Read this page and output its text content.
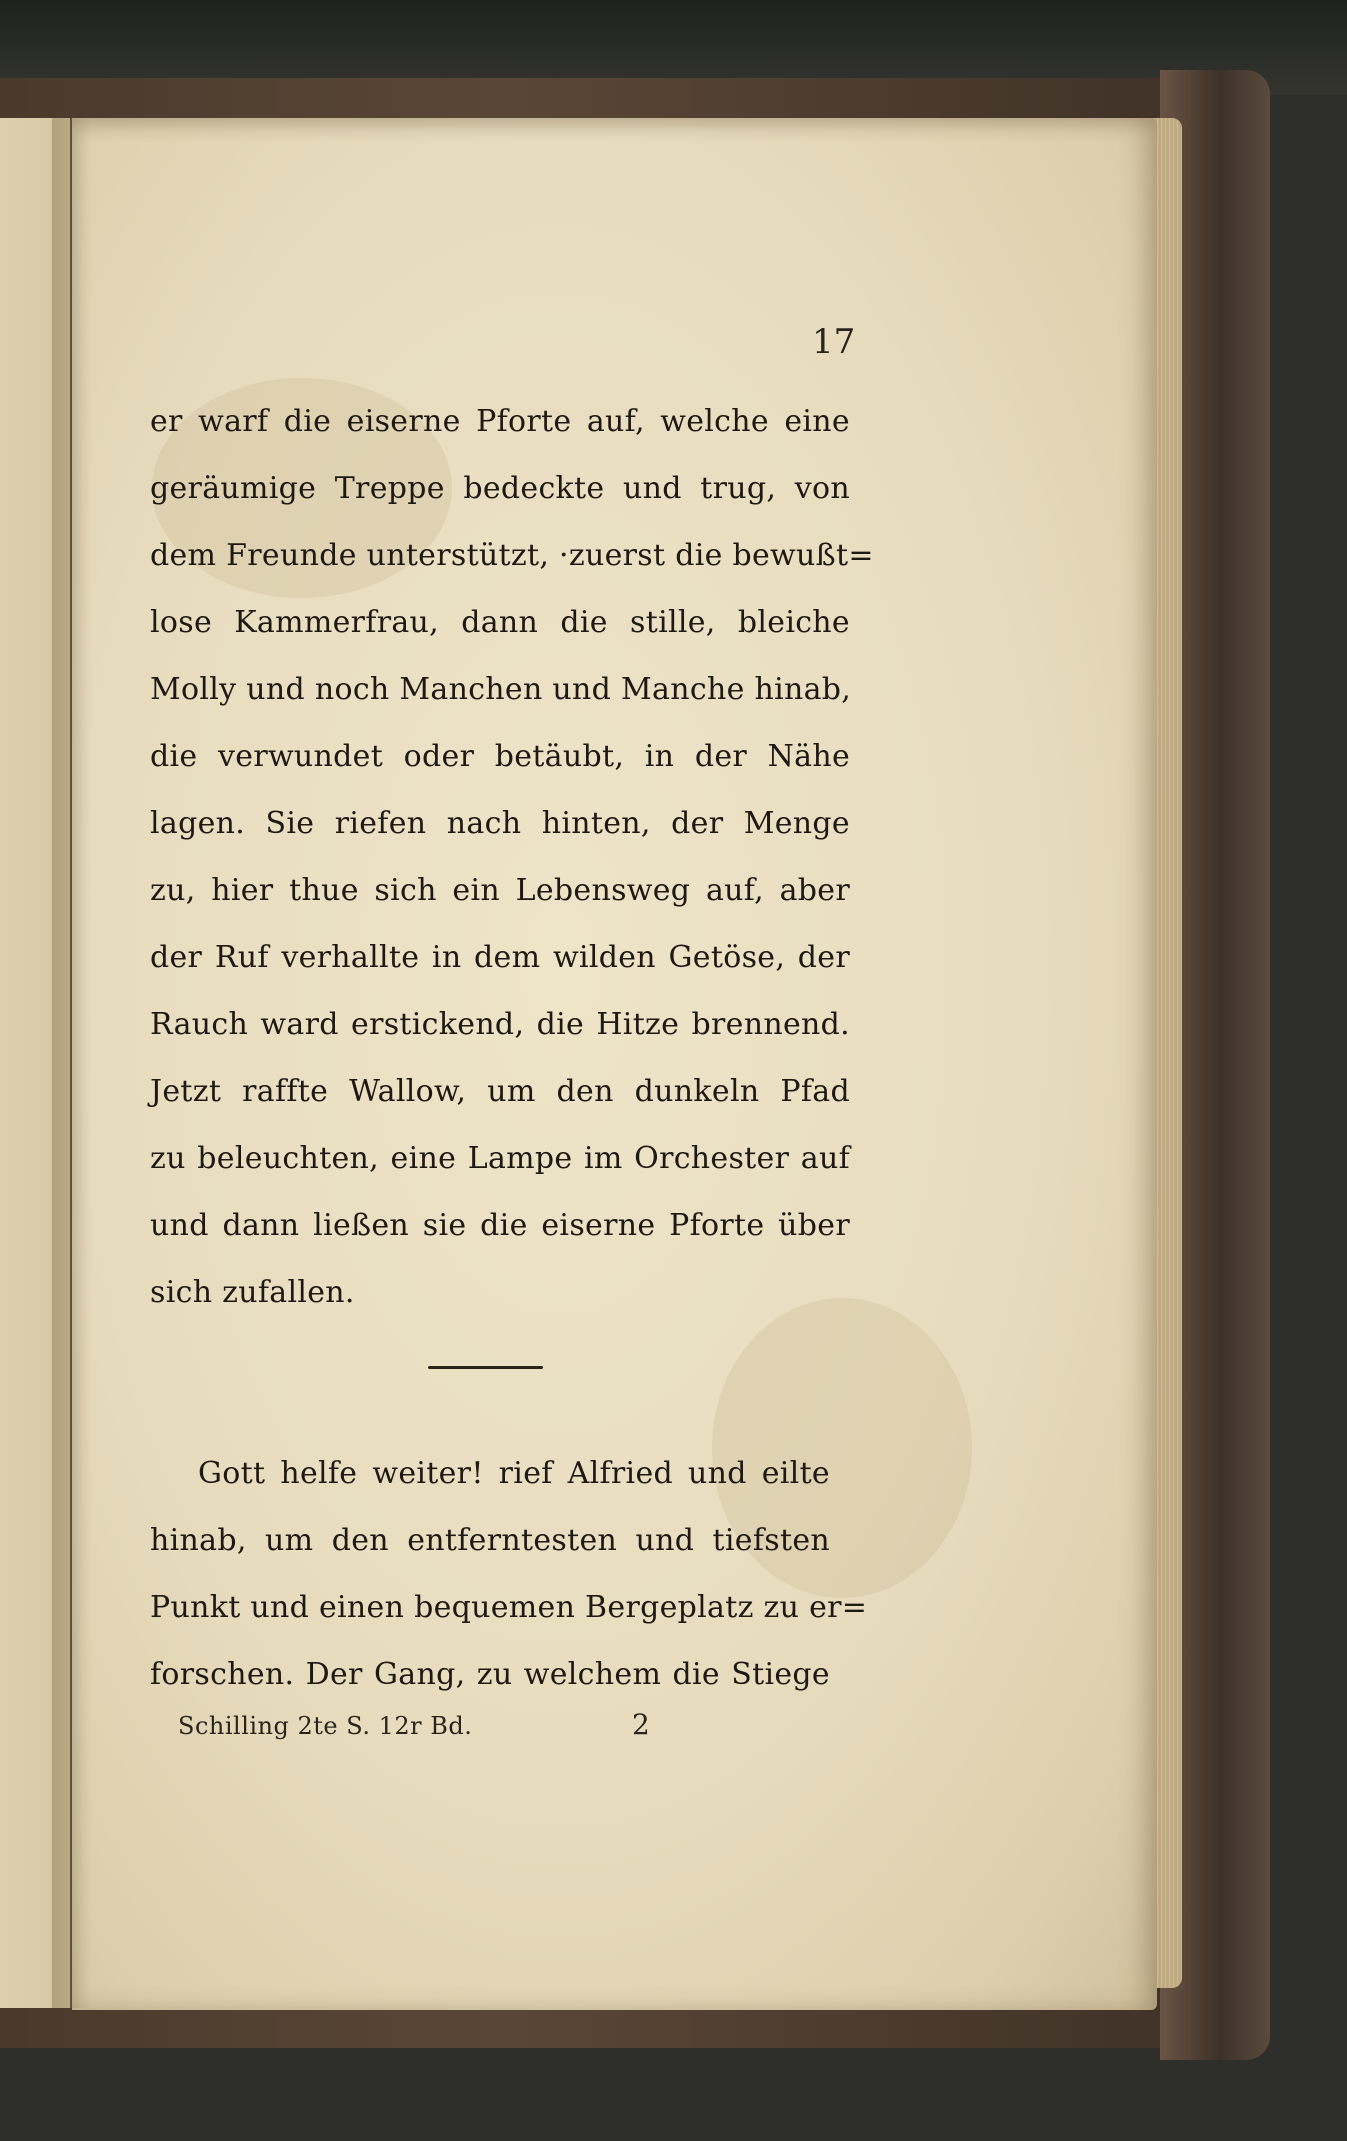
17
er warf die eiserne Pforte auf, welche eine
geräumige Treppe bedeckte und trug, von
dem Freunde unterstützt, ·zuerst die bewußt=
lose Kammerfrau, dann die stille, bleiche
Molly und noch Manchen und Manche hinab,
die verwundet oder betäubt, in der Nähe
lagen. Sie riefen nach hinten, der Menge
zu, hier thue sich ein Lebensweg auf, aber
der Ruf verhallte in dem wilden Getöse, der
Rauch ward erstickend, die Hitze brennend.
Jetzt raffte Wallow, um den dunkeln Pfad
zu beleuchten, eine Lampe im Orchester auf
und dann ließen sie die eiserne Pforte über
sich zufallen.
Gott helfe weiter! rief Alfried und eilte
hinab, um den entferntesten und tiefsten
Punkt und einen bequemen Bergeplatz zu er=
forschen. Der Gang, zu welchem die Stiege
Schilling 2te S. 12r Bd.	2
